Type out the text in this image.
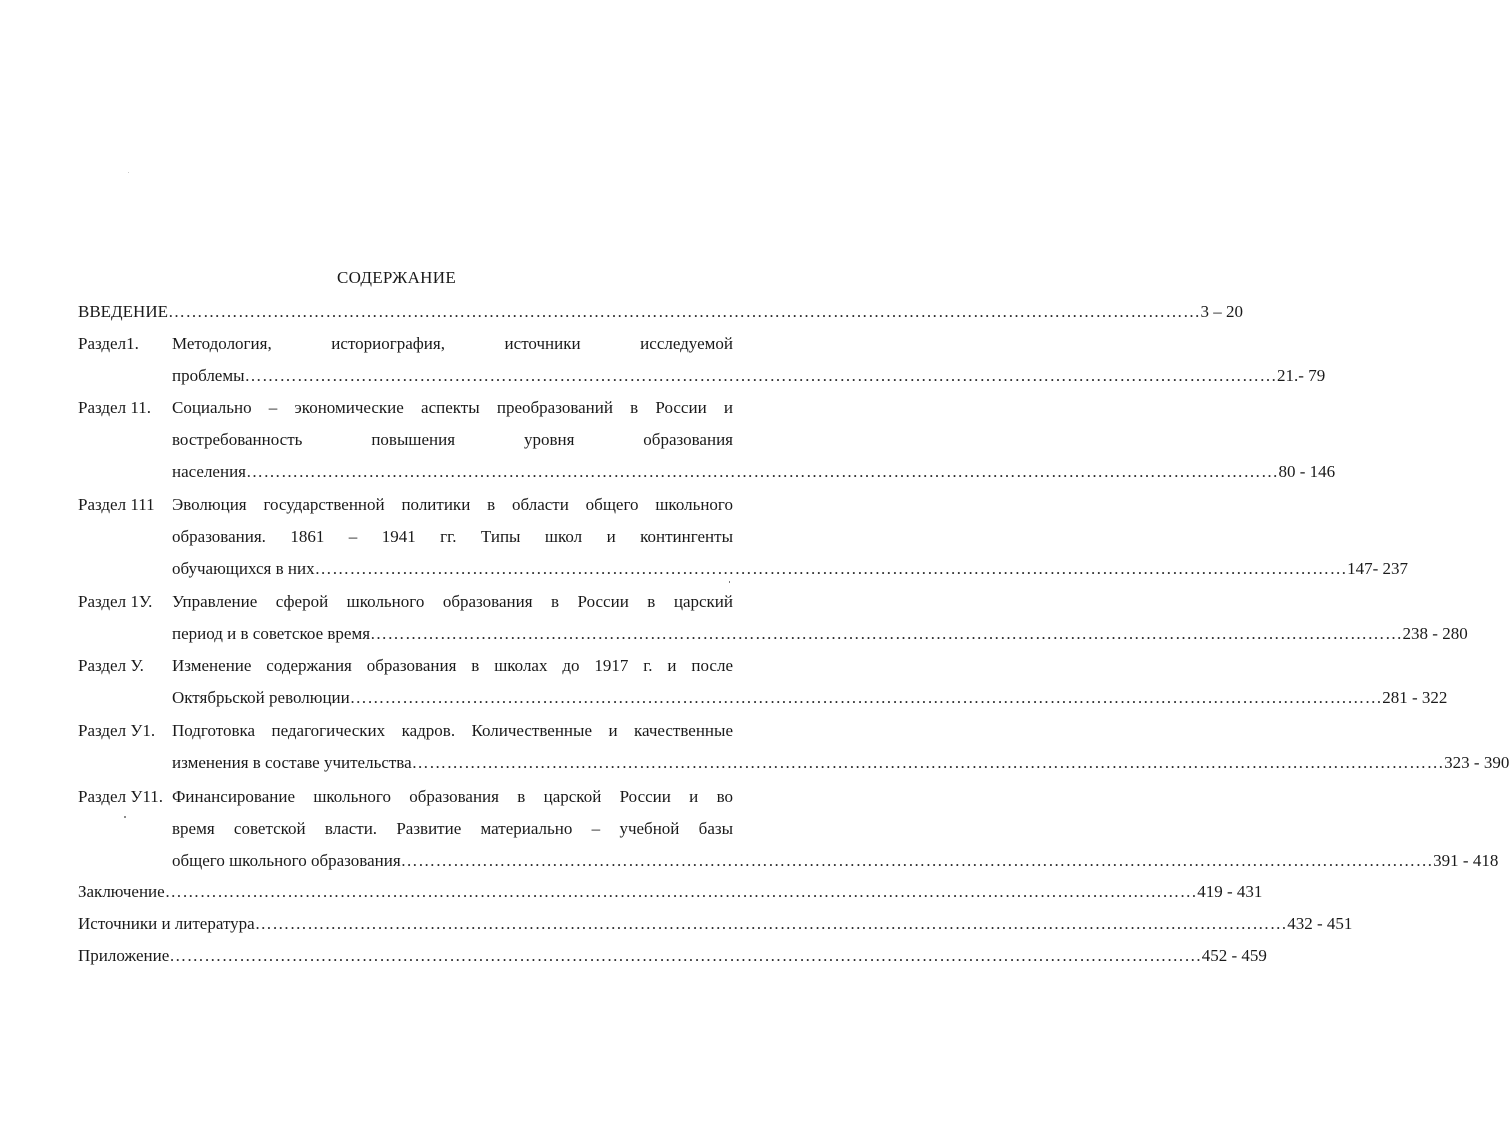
СОДЕРЖАНИЕ
ВВЕДЕНИЕ …………………………………………………………………………………………………………………………………………………………… 3 – 20
Раздел1. Методология, историография, источники исследуемой
проблемы …………………………………………………………………………………………………………………………………………………………… 21.- 79
Раздел 11. Социально – экономические аспекты преобразований в России и
востребованность повышения уровня образования
населения …………………………………………………………………………………………………………………………………………………………… 80 - 146
Раздел 111 Эволюция государственной политики в области общего школьного
образования. 1861 – 1941 гг. Типы школ и контингенты
обучающихся в них …………………………………………………………………………………………………………………………………………………………… 147- 237
Раздел 1У. Управление сферой школьного образования в России в царский
период и в советское время …………………………………………………………………………………………………………………………………………………………… 238 - 280
Раздел У. Изменение содержания образования в школах до 1917 г. и после
Октябрьской революции …………………………………………………………………………………………………………………………………………………………… 281 - 322
Раздел У1. Подготовка педагогических кадров. Количественные и качественные
изменения в составе учительства …………………………………………………………………………………………………………………………………………………………… 323 - 390
Раздел У11. Финансирование школьного образования в царской России и во
время советской власти. Развитие материально – учебной базы
общего школьного образования …………………………………………………………………………………………………………………………………………………………… 391 - 418
Заключение …………………………………………………………………………………………………………………………………………………………… 419 - 431
Источники и литература …………………………………………………………………………………………………………………………………………………………… 432 - 451
Приложение …………………………………………………………………………………………………………………………………………………………… 452 - 459
